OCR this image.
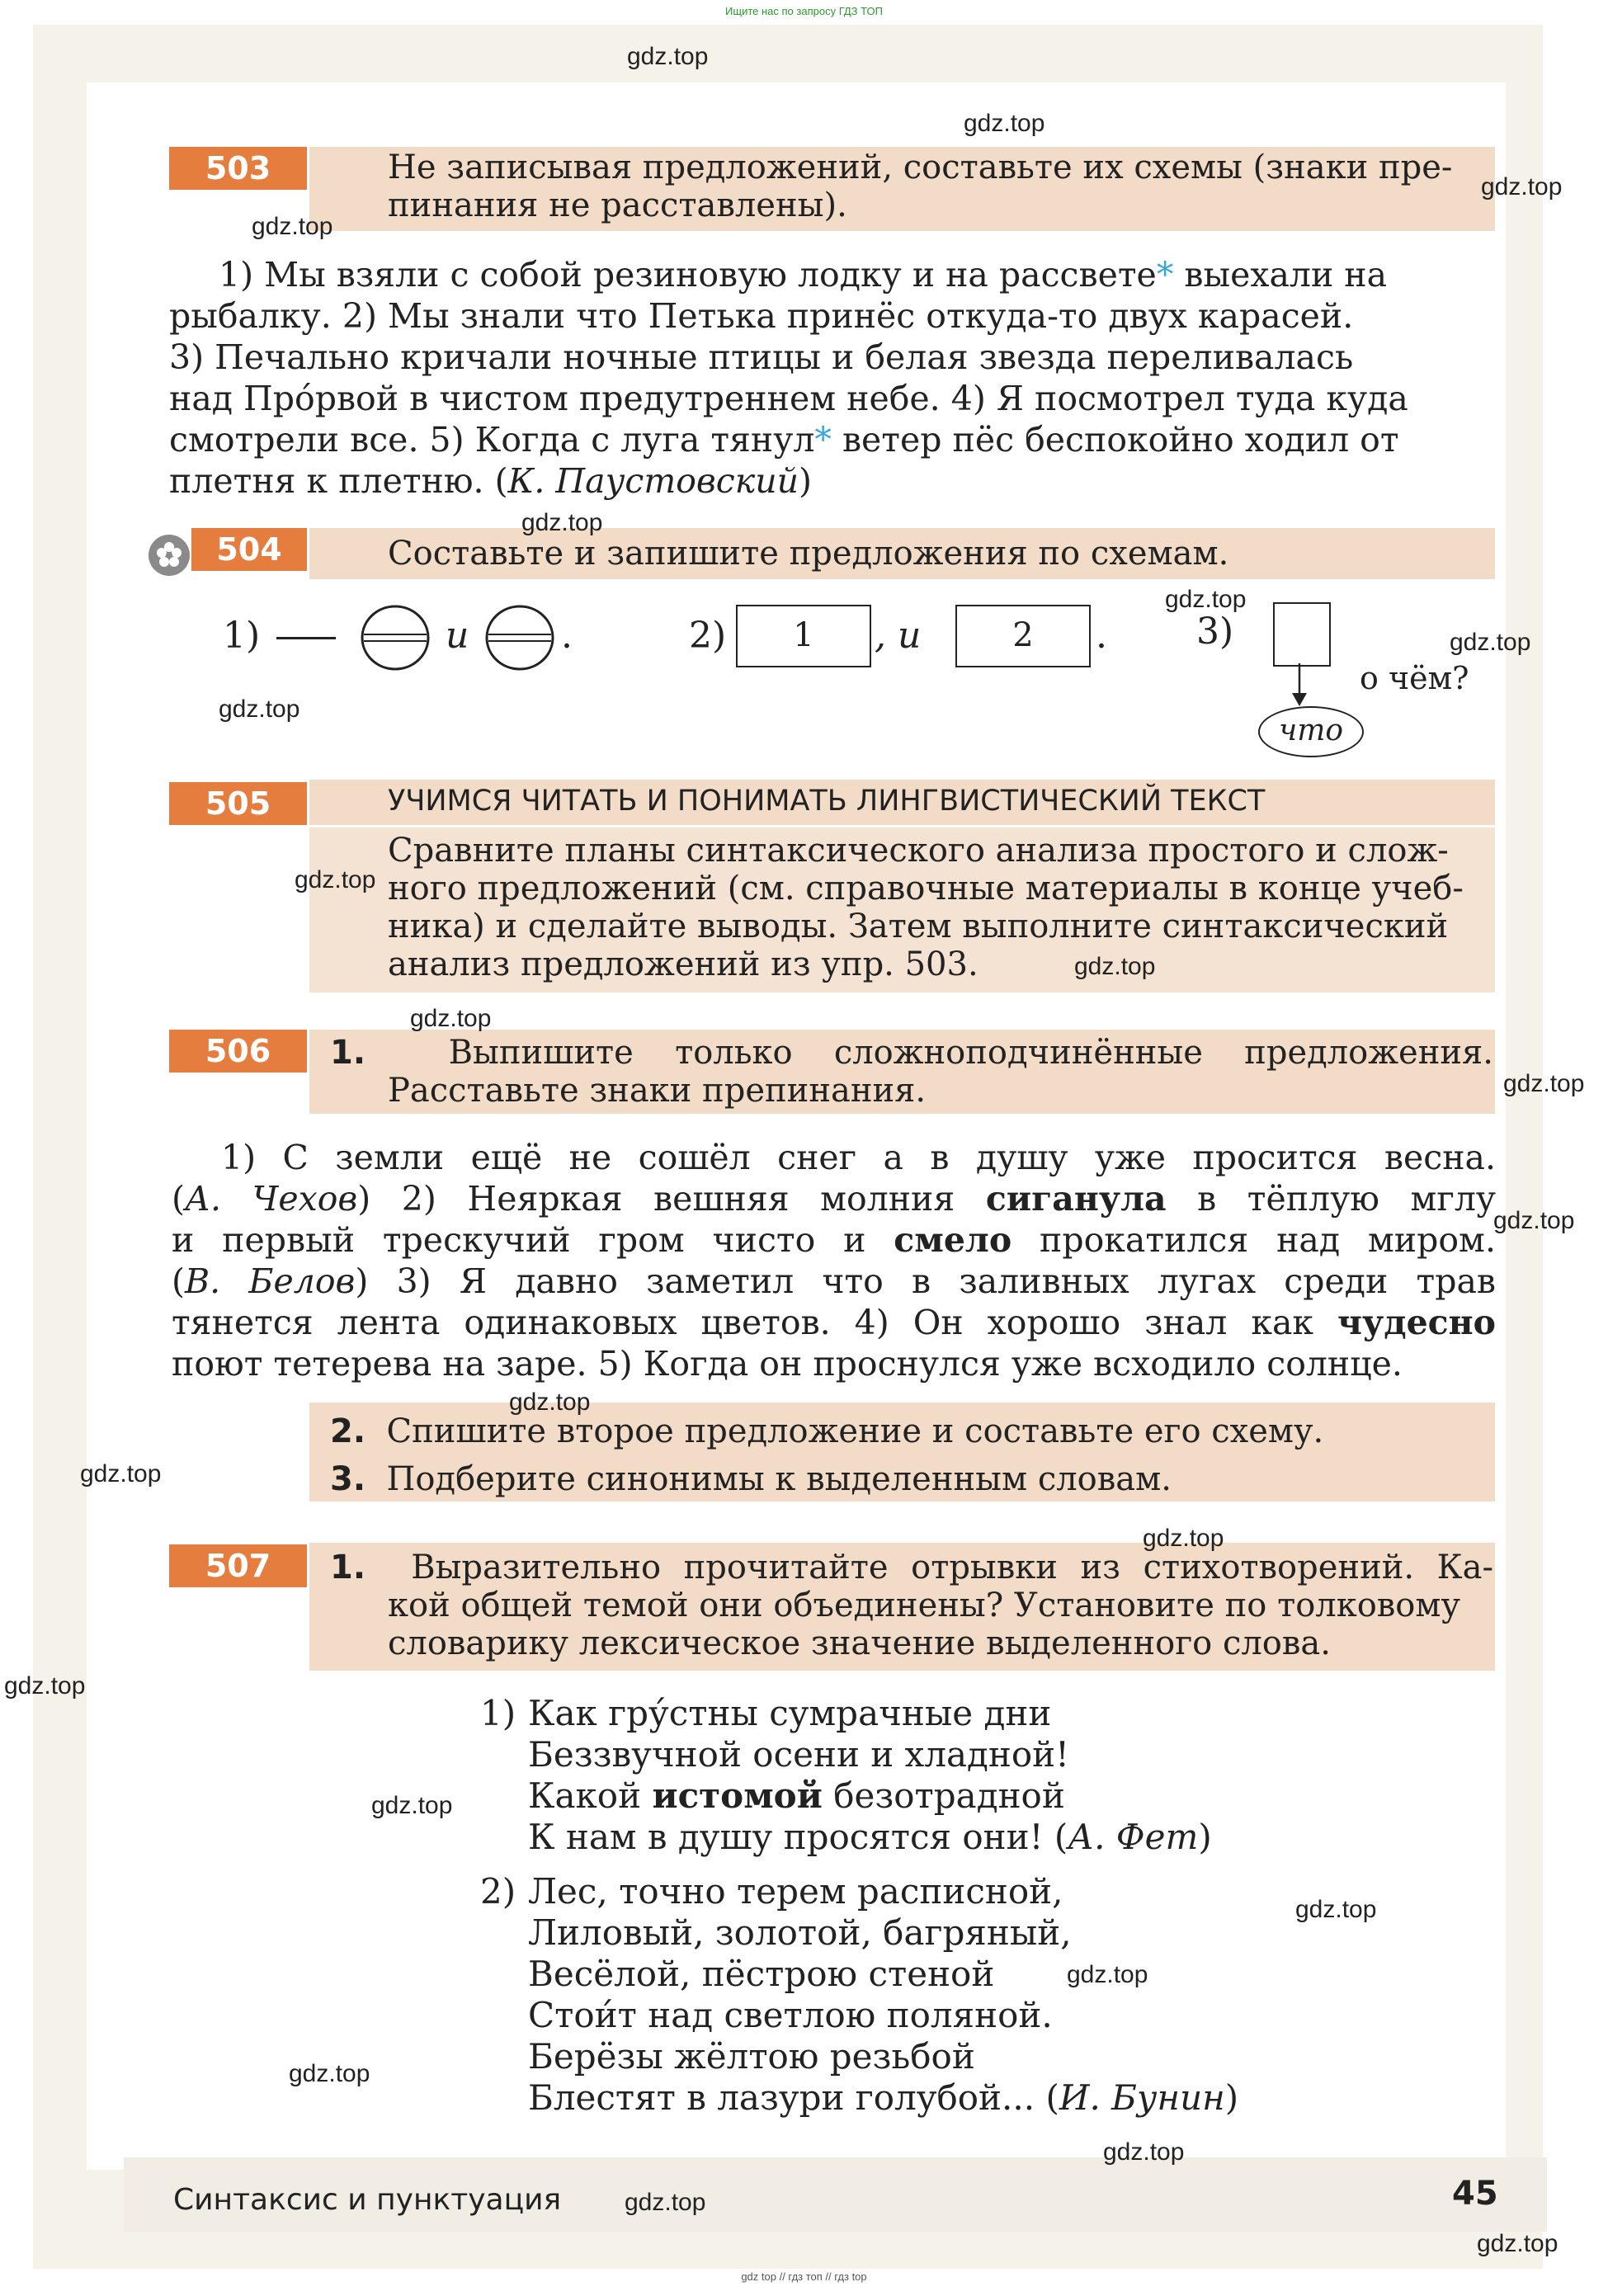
Ищите нас по запросу ГДЗ ТОП
503	Не записывая предложений, составьте их схемы (знаки пре-
пинания не расставлены).
1) Мы взяли с собой резиновую лодку и на рассвете* выехали на
рыбалку. 2) Мы знали что Петька принёс откуда-то двух карасей.
3) Печально кричали ночные птицы и белая звезда переливалась
над Про́рвой в чистом предутреннем небе. 4) Я посмотрел туда куда
смотрели все. 5) Когда с луга тянул* ветер пёс беспокойно ходил от
плетня к плетню. (К. Паустовский)
504	Составьте и запишите предложения по схемам.
1)	и	.	2)	1	, и	2	. 3)
о чём?
что
505	УЧИМСЯ ЧИТАТЬ И ПОНИМАТЬ ЛИНГВИСТИЧЕСКИЙ ТЕКСТ
Сравните планы синтаксического анализа простого и слож-
ного предложений (см. справочные материалы в конце учеб-
ника) и сделайте выводы. Затем выполните синтаксический
анализ предложений из упр. 503.
506	1.	Выпишите только сложноподчинённые предложения.
Расставьте знаки препинания.
1) С земли ещё не сошёл снег а в душу уже просится весна.
(А. Чехов) 2) Неяркая вешняя молния сиганула в тёплую мглу
и первый трескучий гром чисто и смело прокатился над миром.
(В. Белов) 3) Я давно заметил что в заливных лугах среди трав
тянется лента одинаковых цветов. 4) Он хорошо знал как чудесно
поют тетерева на заре. 5) Когда он проснулся уже всходило солнце.
2. Спишите второе предложение и составьте его схему.
3. Подберите синонимы к выделенным словам.
507	1. Выразительно прочитайте отрывки из стихотворений. Ка-
кой общей темой они объединены? Установите по толковому
словарику лексическое значение выделенного слова.
1) Как гру́стны сумрачные дни
Беззвучной осени и хладной!
Какой истомой безотрадной
К нам в душу просятся они! (А. Фет)
2) Лес, точно терем расписной,
Лиловый, золотой, багряный,
Весёлой, пёстрою стеной
Стои́т над светлою поляной.
Берёзы жёлтою резьбой
Блестят в лазури голубой... (И. Бунин)
Синтаксис и пунктуация	45
gdz.top
gdz.top
gdz.top
gdz.top
gdz.top
gdz.top
gdz.top
gdz.top
gdz.top
gdz.top
gdz.top
gdz.top
gdz.top
gdz.top
gdz.top
gdz.top
gdz.top
gdz.top
gdz.top
gdz.top
gdz.top
gdz.top
gdz.top
gdz.top
gdz top // гдз топ // гдз top
